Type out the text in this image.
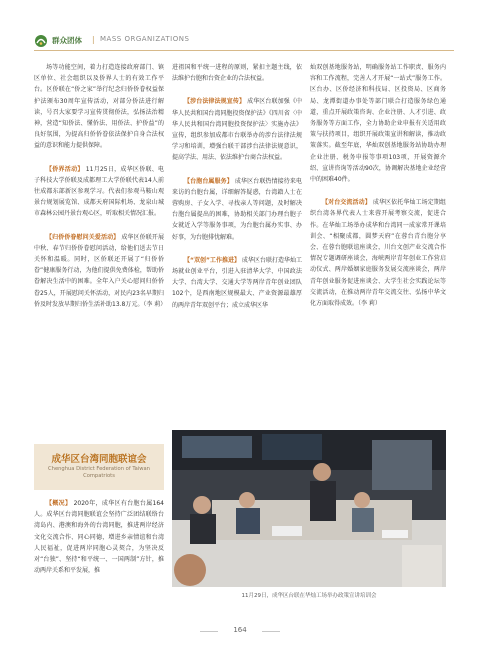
群众团体 | MASS ORGANIZATIONS

场等功能空间，着力打造连接政府部门、镇区单位、社会组织以及侨界人士的有效工作平台。区侨联在“侨之家”举行纪念归侨侨眷权益保护法颁布30周年宣传活动，对部分侨法进行解读，号召大家要学习宣传贯彻侨法，弘扬法治精神，营造“知侨法、懂侨法、用侨法、护侨益”的良好氛围，为提高归侨侨眷依法保护自身合法权益的意识和能力提供保障。

【侨界活动】 11月25日，成华区侨联、电子科技大学侨联及成都理工大学侨联代表14人前往成都东部新区参观学习。代表们参观马鞍山观景台规划展览馆、成都天府国际机场、龙泉山城市森林公园丹景台观心区，听取相关情况汇报。

【归侨侨眷慰问关爱活动】 成华区侨联开展中秋、春节归侨侨眷慰问活动，给他们送去节日关怀和温暖。同时，区侨联还开展了“归侨侨眷”健康服务行动，为他们提供免费体检，帮助侨眷解决生活中的困难。全年入户关心慰问归侨侨眷25人，开展慰问关怀活动，对民内23名早期归侨及时发放早期归侨生活补助13.8万元。（李 莉）

成华区台湾同胞联谊会
Chenghua District Federation of Taiwan Compatriots

【概况】 2020年，成华区有台胞台属164人。成华区台湾同胞联谊会坚持广泛团结联络台湾岛内、港澳和海外的台湾同胞，推进两岸经济文化交流合作、同心同德，增进乡亲情谊和台湾人民福祉，促进两岸同胞心灵契合，为坚决反对“台独”、坚持“和平统一、一国两制”方针，推动两岸关系和平发展，推

进祖国和平统一进程的原则，紧扣主题主线，依法维护台胞和台资企业的合法权益。

【涉台法律法规宣传】 成华区台联加强《中华人民共和国台湾同胞投资保护法》《四川省〈中华人民共和国台湾同胞投资保护法〉实施办法》宣传，组织参加成都市台联举办的涉台法律法规学习和培训，增强台联干部涉台法律法规意识，提高学法、用法、依法维护台商合法权益。

【台胞台属服务】 成华区台联热情接待来电来访的台胞台属，详细解答疑惑，台湾籍人士在蓉购房、子女入学、寻找亲人等问题，及时解决台胞台属提出的困难，协助相关部门办理台胞子女就近入学等服务事项，为台胞台属办实事、办好事，为台胞排忧解难。

【“双创”工作推进】 成华区台联打造华灿工场就业创业平台，引进入驻清华大学、中国政法大学、台湾大学、交通大学等两岸青年创业团队102个，是西南地区规模最大、产业资源最雄厚的两岸青年双创平台；成立成华区华

灿双创基地服务站，明确服务站工作职责、服务内容和工作流程，完善人才开展“一站式”服务工作。区台办、区侨经济和科技局、区投资局、区商务局、龙潭街道办事处等部门联合打造服务绿色通道，重点开展政策咨询、企业注册、人才引进、政务服务等方面工作，全力协助企业申报有关适用政策与扶持项目，组织开展政策宣讲和解读，推动政策落实。截至年底，华灿双创基地服务站协助办理企业注册、税务申报等事项103项，开展资源介绍、宣讲咨询等活动90次，协调解决基地企业经营中的困难40件。

【对台交流活动】 成华区依托华灿工场定期组织台湾各界代表人士来蓉开展考察交流，促进合作。在华灿工场举办成华和台湾同一成家常开课培训会、“相聚成都，圆梦天府”在蓉台青台胞分享会、在蓉台胞联谊座谈会，川台文创产业交流合作情况专题调研座谈会，海峡两岸青年创业工作营启动仪式、两岸婚姻家庭服务发展交流座谈会，两岸青年创业服务促进座谈会、大学生社会实践论坛等交流活动，在推动两岸青年交流交往、弘扬中华文化方面取得成效。（李 莉）

11月29日，成华区台联在华灿工场举办政策宣讲培训会
164
